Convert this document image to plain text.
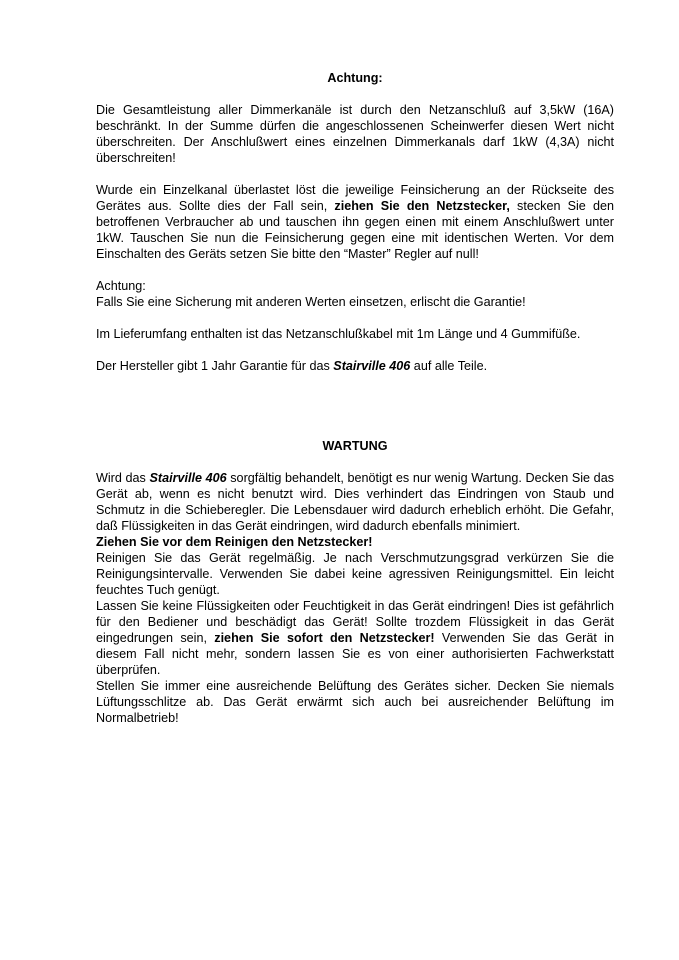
Achtung:

Die Gesamtleistung aller Dimmerkanäle ist durch den Netzanschluß auf 3,5kW (16A) beschränkt. In der Summe dürfen die angeschlossenen Scheinwerfer diesen Wert nicht überschreiten. Der Anschlußwert eines einzelnen Dimmerkanals darf 1kW (4,3A) nicht überschreiten!

Wurde ein Einzelkanal überlastet löst die jeweilige Feinsicherung an der Rückseite des Gerätes aus. Sollte dies der Fall sein, ziehen Sie den Netzstecker, stecken Sie den betroffenen Verbraucher ab und tauschen ihn gegen einen mit einem Anschlußwert unter 1kW. Tauschen Sie nun die Feinsicherung gegen eine mit identischen Werten. Vor dem Einschalten des Geräts setzen Sie bitte den “Master” Regler auf null!

Achtung:

Falls Sie eine Sicherung mit anderen Werten einsetzen, erlischt die Garantie!

Im Lieferumfang enthalten ist das Netzanschlußkabel mit 1m Länge und 4 Gummifüße.

Der Hersteller gibt 1 Jahr Garantie für das Stairville 406 auf alle Teile.

WARTUNG

Wird das Stairville 406 sorgfältig behandelt, benötigt es nur wenig Wartung. Decken Sie das Gerät ab, wenn es nicht benutzt wird. Dies verhindert das Eindringen von Staub und Schmutz in die Schieberegler. Die Lebensdauer wird dadurch erheblich erhöht. Die Gefahr, daß Flüssigkeiten in das Gerät eindringen, wird dadurch ebenfalls minimiert.

Ziehen Sie vor dem Reinigen den Netzstecker!

Reinigen Sie das Gerät regelmäßig. Je nach Verschmutzungsgrad verkürzen Sie die Reinigungsintervalle. Verwenden Sie dabei keine agressiven Reinigungsmittel. Ein leicht feuchtes Tuch genügt.

Lassen Sie keine Flüssigkeiten oder Feuchtigkeit in das Gerät eindringen! Dies ist gefährlich für den Bediener und beschädigt das Gerät! Sollte trozdem Flüssigkeit in das Gerät eingedrungen sein, ziehen Sie sofort den Netzstecker! Verwenden Sie das Gerät in diesem Fall nicht mehr, sondern lassen Sie es von einer authorisierten Fachwerkstatt überprüfen.

Stellen Sie immer eine ausreichende Belüftung des Gerätes sicher. Decken Sie niemals Lüftungsschlitze ab. Das Gerät erwärmt sich auch bei ausreichender Belüftung im Normalbetrieb!
